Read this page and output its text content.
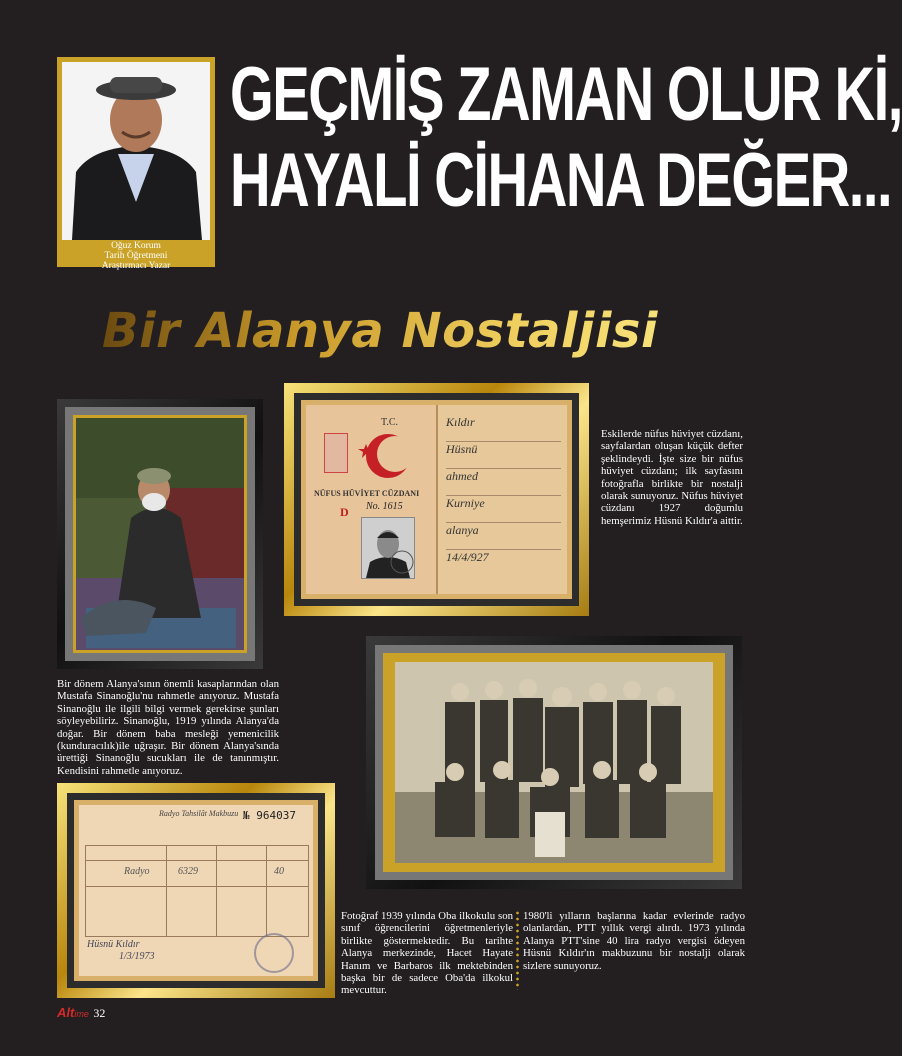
Oğuz Korum
Tarih Öğretmeni
Araştırmacı Yazar
GEÇMİŞ ZAMAN OLUR Kİ,
HAYALİ CİHANA DEĞER...
Bir Alanya Nostaljisi
T.C.
NÜFUS HÜVİYET CÜZDANI
D No. 1615
Kıldır
Hüsnü
ahmed
Kurniye
alanya
14/4/927
Eskilerde nüfus hüviyet cüzdanı, sayfalardan oluşan küçük defter şeklindeydi. İşte size bir nüfus hüviyet cüzdanı; ilk sayfasını fotoğrafla birlikte bir nostalji olarak sunuyoruz. Nüfus hüviyet cüzdanı 1927 doğumlu hemşerimiz Hüsnü Kıldır'a aittir.
Bir dönem Alanya'sının önemli kasaplarından olan Mustafa Sinanoğlu'nu rahmetle anıyoruz. Mustafa Sinanoğlu ile ilgili bilgi vermek gerekirse şunları söyleyebiliriz. Sinanoğlu, 1919 yılında Alanya'da doğar. Bir dönem baba mesleği yemenicilik (kunduracılık)ile uğraşır. Bir dönem Alanya'sında ürettiği Sinanoğlu sucukları ile de tanınmıştır. Kendisini rahmetle anıyoruz.
Radyo Tahsilât Makbuzu № 964037
Radyo	6329	40
Hüsnü Kıldır
1/3/1973
Fotoğraf 1939 yılında Oba ilkokulu son sınıf öğrencilerini öğretmenleriyle birlikte göstermektedir. Bu tarihte Alanya merkezinde, Hacet Hayate Hanım ve Barbaros ilk mektebinden başka bir de sadece Oba'da ilkokul mevcuttur.
1980'li yılların başlarına kadar evlerinde radyo olanlardan, PTT yıllık vergi alırdı. 1973 yılında Alanya PTT'sine 40 lira radyo vergisi ödeyen Hüsnü Kıldır'ın makbuzunu bir nostalji olarak sizlere sunuyoruz.
Altime 32
